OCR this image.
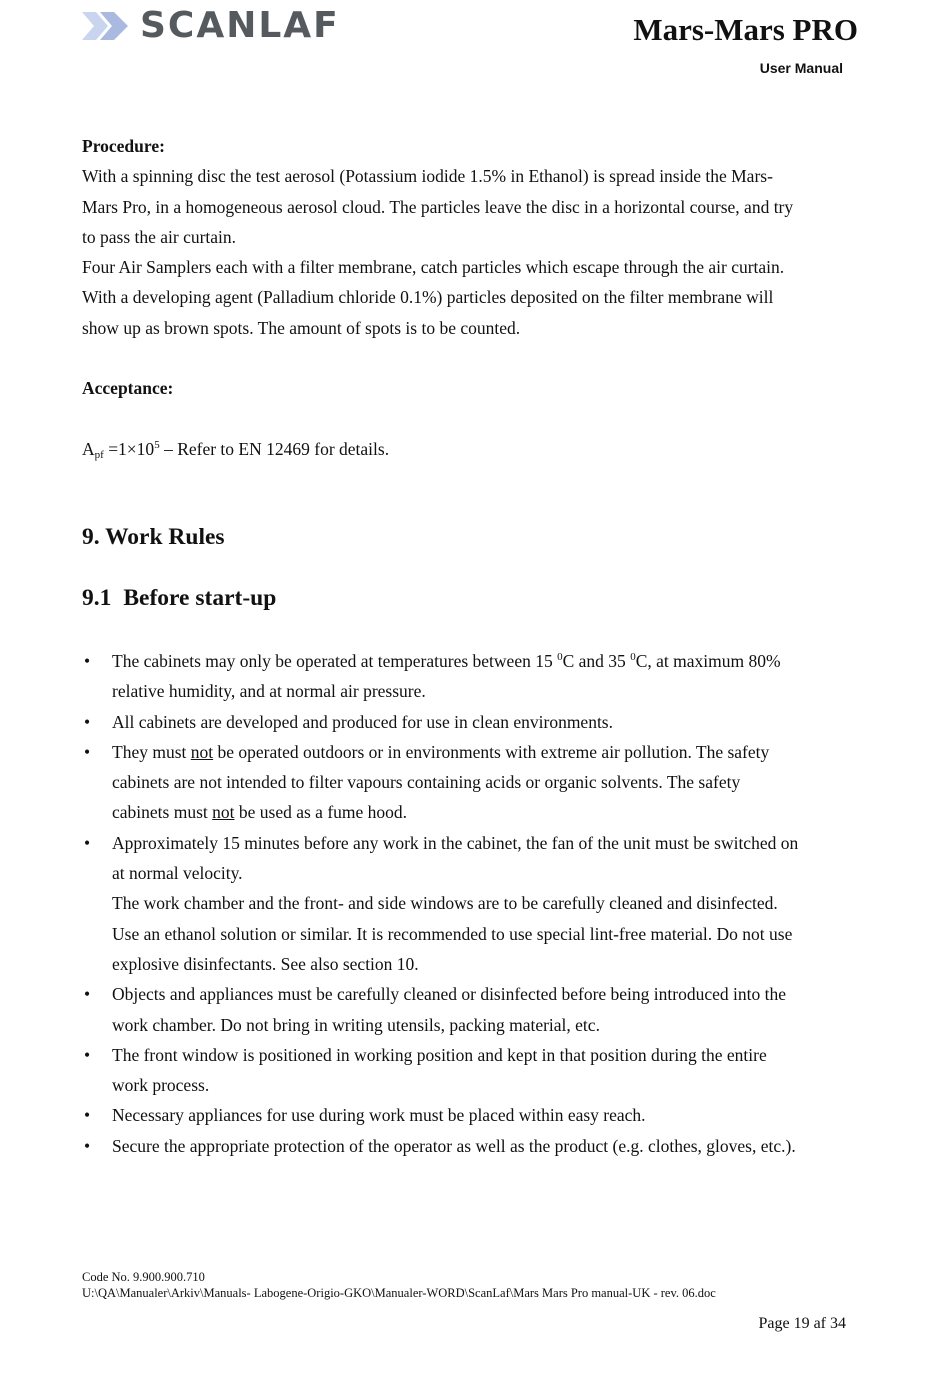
SCANLAF	Mars-Mars PRO
User Manual
Procedure:
With a spinning disc the test aerosol (Potassium iodide 1.5% in Ethanol) is spread inside the Mars-
Mars Pro, in a homogeneous aerosol cloud. The particles leave the disc in a horizontal course, and try
to pass the air curtain.
Four Air Samplers each with a filter membrane, catch particles which escape through the air curtain.
With a developing agent (Palladium chloride 0.1%) particles deposited on the filter membrane will
show up as brown spots. The amount of spots is to be counted.
Acceptance:
$A_{pf} =1\times 10^5$ – Refer to EN 12469 for details.
9. Work Rules
9.1 Before start-up
• The cabinets may only be operated at temperatures between 15 $^0$C and 35 $^0$C, at maximum 80%
relative humidity, and at normal air pressure.
• All cabinets are developed and produced for use in clean environments.
• They must not be operated outdoors or in environments with extreme air pollution. The safety
cabinets are not intended to filter vapours containing acids or organic solvents. The safety
cabinets must not be used as a fume hood.
• Approximately 15 minutes before any work in the cabinet, the fan of the unit must be switched on
at normal velocity.
The work chamber and the front- and side windows are to be carefully cleaned and disinfected.
Use an ethanol solution or similar. It is recommended to use special lint-free material. Do not use
explosive disinfectants. See also section 10.
• Objects and appliances must be carefully cleaned or disinfected before being introduced into the
work chamber. Do not bring in writing utensils, packing material, etc.
• The front window is positioned in working position and kept in that position during the entire
work process.
• Necessary appliances for use during work must be placed within easy reach.
• Secure the appropriate protection of the operator as well as the product (e.g. clothes, gloves, etc.).
Code No. 9.900.900.710
U:\QA\Manualer\Arkiv\Manuals- Labogene-Origio-GKO\Manualer-WORD\ScanLaf\Mars Mars Pro manual-UK - rev. 06.doc
Page 19 af 34
